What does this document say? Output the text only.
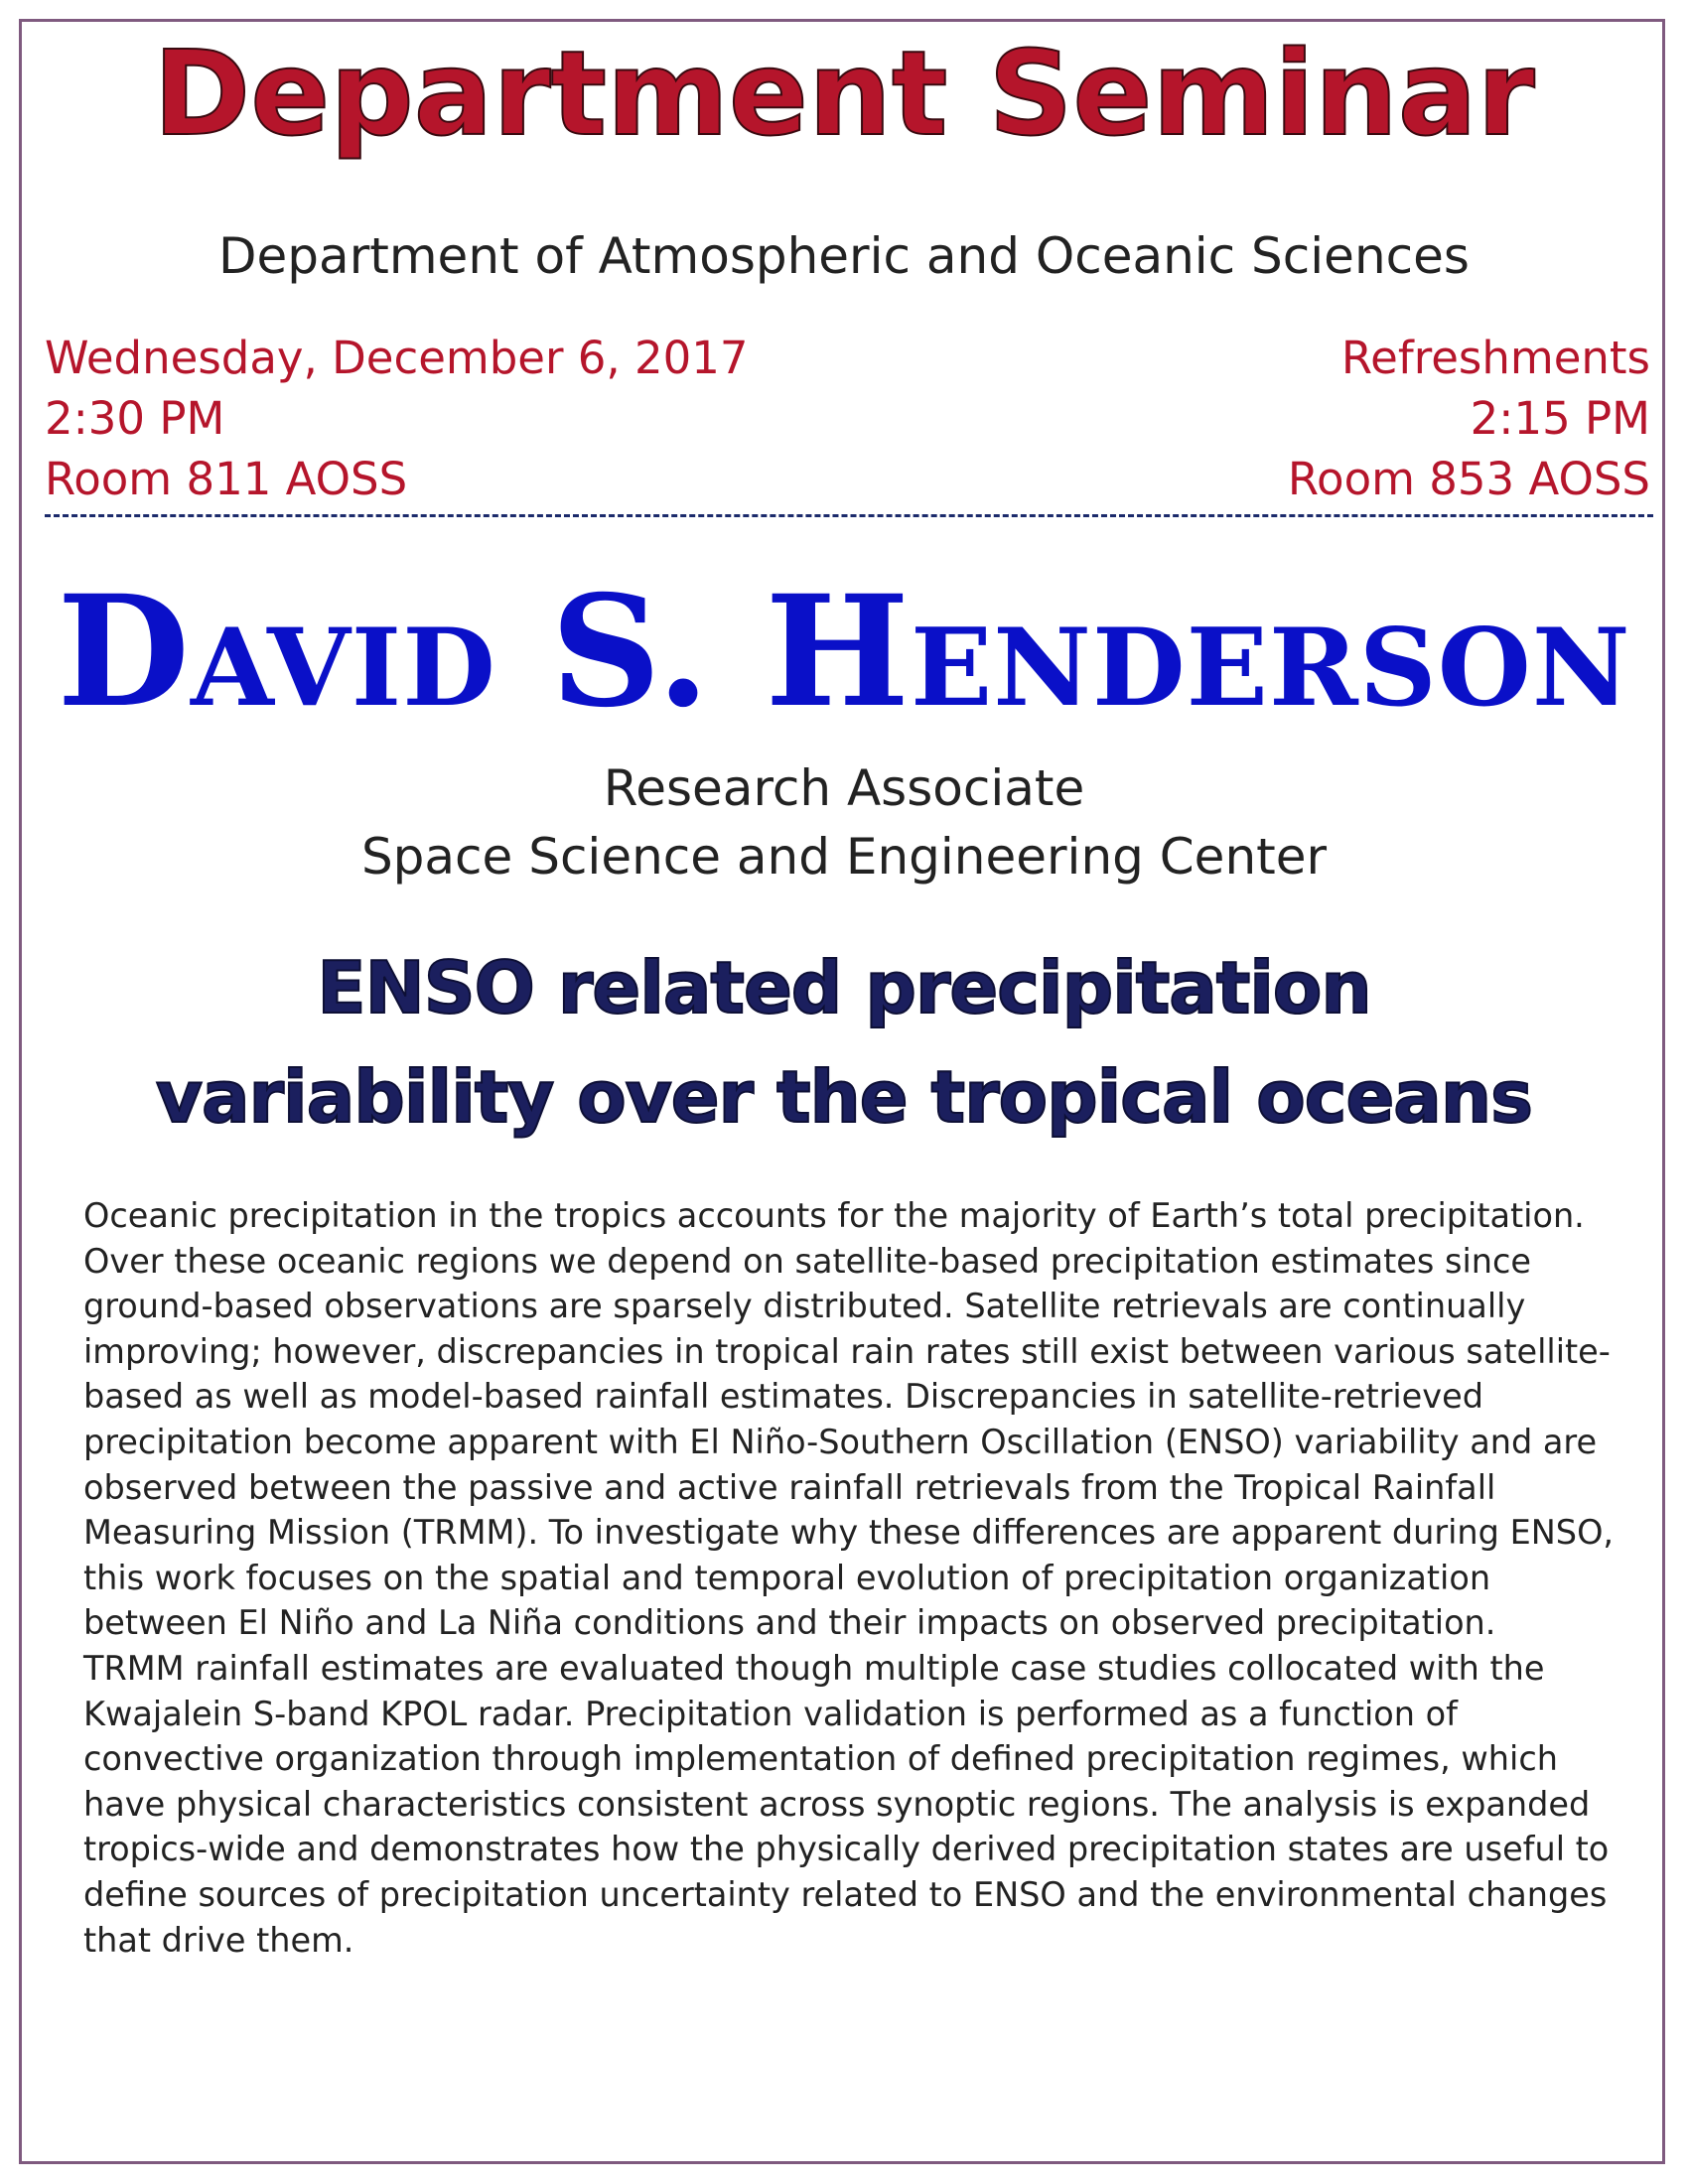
Department Seminar
Department of Atmospheric and Oceanic Sciences
Wednesday, December 6, 2017
2:30 PM
Room 811 AOSS
Refreshments
2:15 PM
Room 853 AOSS
David S. Henderson
Research Associate
Space Science and Engineering Center
ENSO related precipitation
variability over the tropical oceans

Oceanic precipitation in the tropics accounts for the majority of Earth’s total precipitation. Over these oceanic regions we depend on satellite-based precipitation estimates since ground-based observations are sparsely distributed. Satellite retrievals are continually improving; however, discrepancies in tropical rain rates still exist between various satellite-based as well as model-based rainfall estimates. Discrepancies in satellite-retrieved precipitation become apparent with El Niño-Southern Oscillation (ENSO) variability and are observed between the passive and active rainfall retrievals from the Tropical Rainfall Measuring Mission (TRMM). To investigate why these differences are apparent during ENSO, this work focuses on the spatial and temporal evolution of precipitation organization between El Niño and La Niña conditions and their impacts on observed precipitation.

TRMM rainfall estimates are evaluated though multiple case studies collocated with the Kwajalein S-band KPOL radar. Precipitation validation is performed as a function of convective organization through implementation of defined precipitation regimes, which have physical characteristics consistent across synoptic regions. The analysis is expanded tropics-wide and demonstrates how the physically derived precipitation states are useful to define sources of precipitation uncertainty related to ENSO and the environmental changes that drive them.
